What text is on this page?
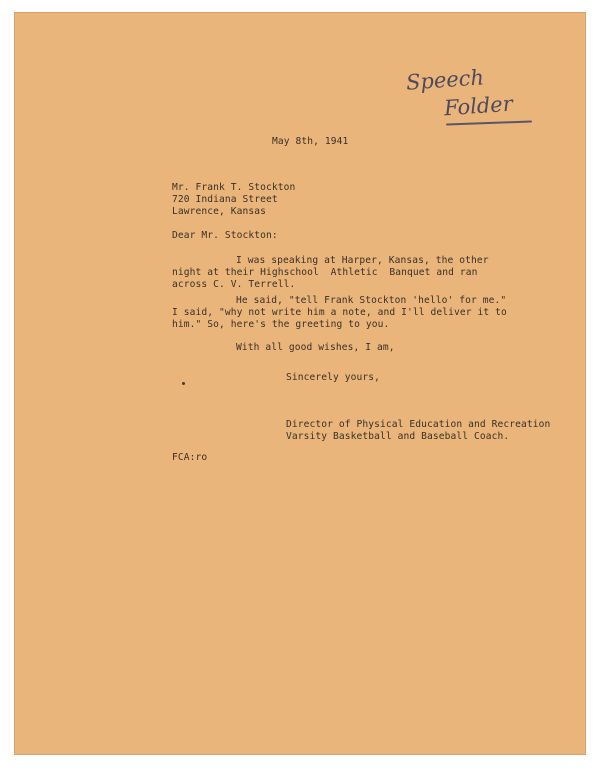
Speech
Folder
May 8th, 1941
Mr. Frank T. Stockton
720 Indiana Street
Lawrence, Kansas
Dear Mr. Stockton:
I was speaking at Harper, Kansas, the other
night at their Highschool  Athletic  Banquet and ran
across C. V. Terrell.
He said, "tell Frank Stockton 'hello' for me."
I said, "why not write him a note, and I'll deliver it to
him." So, here's the greeting to you.
With all good wishes, I am,
Sincerely yours,
Director of Physical Education and Recreation
Varsity Basketball and Baseball Coach.
FCA:ro
